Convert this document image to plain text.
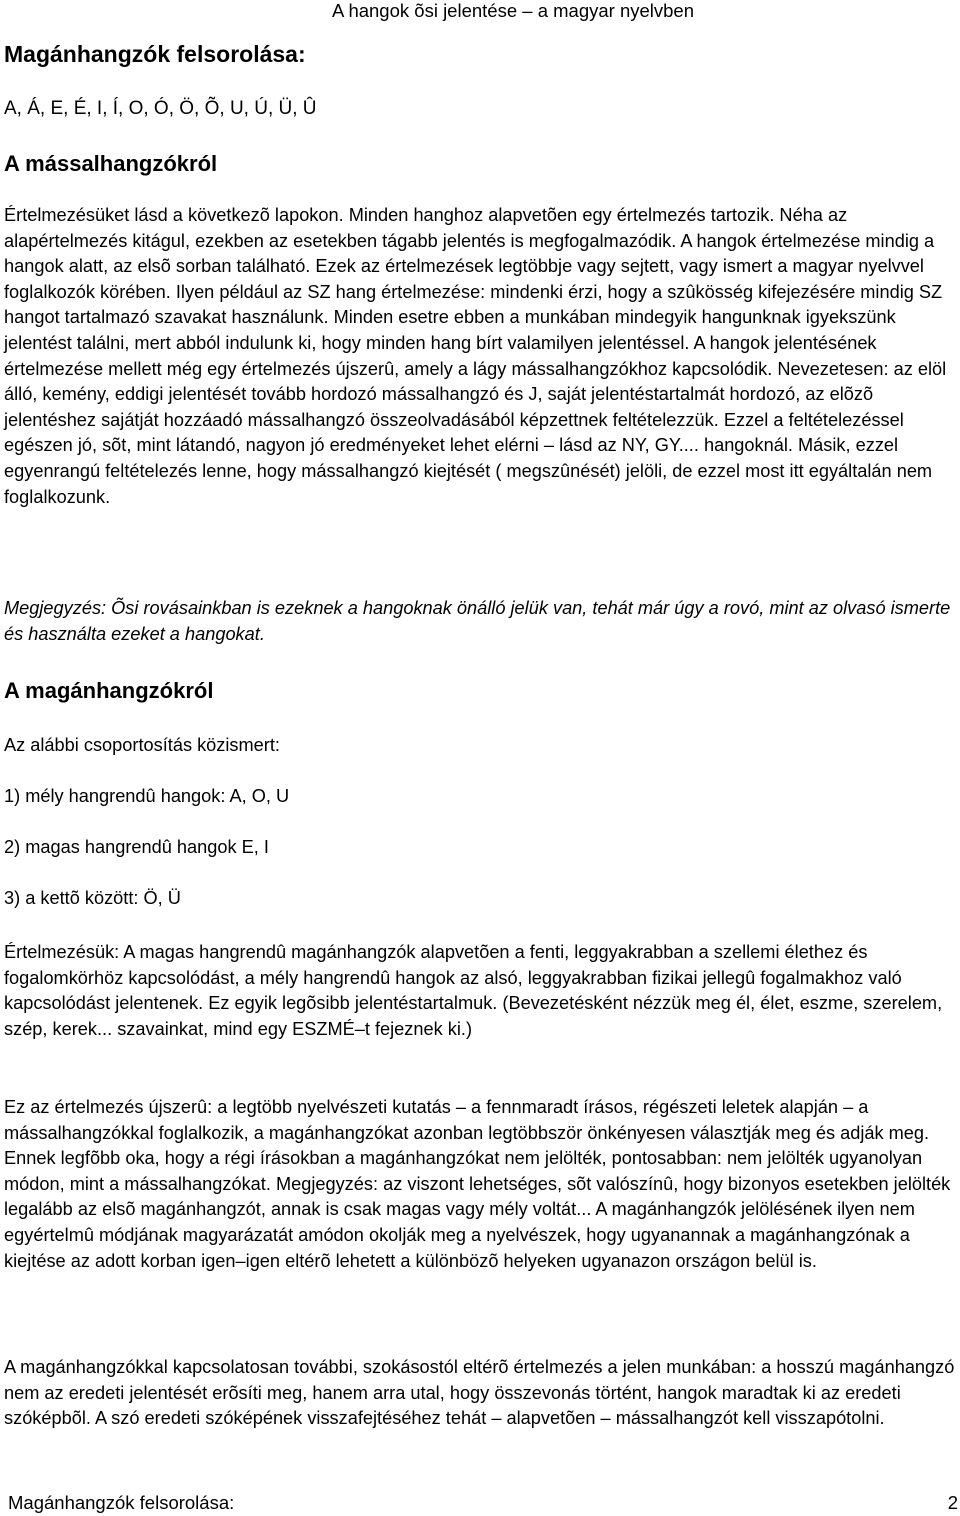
A hangok õsi jelentése – a magyar nyelvben
Magánhangzók felsorolása:
A, Á, E, É, I, Í, O, Ó, Ö, Õ, U, Ú, Ü, Û
A mássalhangzókról

Értelmezésüket lásd a következõ lapokon. Minden hanghoz alapvetõen egy értelmezés tartozik. Néha az alapértelmezés kitágul, ezekben az esetekben tágabb jelentés is megfogalmazódik. A hangok értelmezése mindig a hangok alatt, az elsõ sorban található. Ezek az értelmezések legtöbbje vagy sejtett, vagy ismert a magyar nyelvvel foglalkozók körében. Ilyen például az SZ hang értelmezése: mindenki érzi, hogy a szûkösség kifejezésére mindig SZ hangot tartalmazó szavakat használunk. Minden esetre ebben a munkában mindegyik hangunknak igyekszünk jelentést találni, mert abból indulunk ki, hogy minden hang bírt valamilyen jelentéssel. A hangok jelentésének értelmezése mellett még egy értelmezés újszerû, amely a lágy mássalhangzókhoz kapcsolódik. Nevezetesen: az elöl álló, kemény, eddigi jelentését tovább hordozó mássalhangzó és J, saját jelentéstartalmát hordozó, az elõzõ jelentéshez sajátját hozzáadó mássalhangzó összeolvadásából képzettnek feltételezzük. Ezzel a feltételezéssel egészen jó, sõt, mint látandó, nagyon jó eredményeket lehet elérni – lásd az NY, GY.... hangoknál. Másik, ezzel egyenrangú feltételezés lenne, hogy mássalhangzó kiejtését ( megszûnését) jelöli, de ezzel most itt egyáltalán nem foglalkozunk.

Megjegyzés: Õsi rovásainkban is ezeknek a hangoknak önálló jelük van, tehát már úgy a rovó, mint az olvasó ismerte és használta ezeket a hangokat.

A magánhangzókról

Az alábbi csoportosítás közismert:

1) mély hangrendû hangok: A, O, U

2) magas hangrendû hangok E, I

3) a kettõ között: Ö, Ü

Értelmezésük: A magas hangrendû magánhangzók alapvetõen a fenti, leggyakrabban a szellemi élethez és fogalomkörhöz kapcsolódást, a mély hangrendû hangok az alsó, leggyakrabban fizikai jellegû fogalmakhoz való kapcsolódást jelentenek. Ez egyik legõsibb jelentéstartalmuk. (Bevezetésként nézzük meg él, élet, eszme, szerelem, szép, kerek... szavainkat, mind egy ESZMÉ–t fejeznek ki.)

Ez az értelmezés újszerû: a legtöbb nyelvészeti kutatás – a fennmaradt írásos, régészeti leletek alapján – a mássalhangzókkal foglalkozik, a magánhangzókat azonban legtöbbször önkényesen választják meg és adják meg. Ennek legfõbb oka, hogy a régi írásokban a magánhangzókat nem jelölték, pontosabban: nem jelölték ugyanolyan módon, mint a mássalhangzókat. Megjegyzés: az viszont lehetséges, sõt valószínû, hogy bizonyos esetekben jelölték legalább az elsõ magánhangzót, annak is csak magas vagy mély voltát... A magánhangzók jelölésének ilyen nem egyértelmû módjának magyarázatát amódon okolják meg a nyelvészek, hogy ugyanannak a magánhangzónak a kiejtése az adott korban igen–igen eltérõ lehetett a különbözõ helyeken ugyanazon országon belül is.

A magánhangzókkal kapcsolatosan további, szokásostól eltérõ értelmezés a jelen munkában: a hosszú magánhangzó nem az eredeti jelentését erõsíti meg, hanem arra utal, hogy összevonás történt, hangok maradtak ki az eredeti szóképbõl. A szó eredeti szóképének visszafejtéséhez tehát – alapvetõen – mássalhangzót kell visszapótolni.

Magánhangzók felsorolása:	2
